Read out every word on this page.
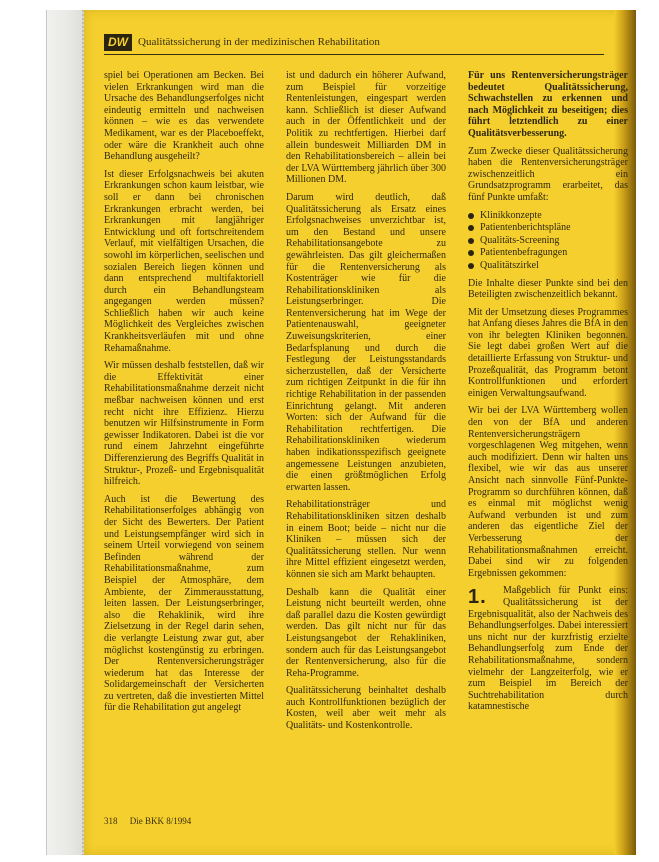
DW Qualitätssicherung in der medizinischen Rehabilitation

spiel bei Operationen am Becken. Bei vielen Erkrankungen wird man die Ursache des Behandlungserfolges nicht eindeutig ermitteln und nachweisen können – wie es das verwendete Medikament, war es der Placeboeffekt, oder wäre die Krankheit auch ohne Behandlung ausgeheilt?

Ist dieser Erfolgsnachweis bei akuten Erkrankungen schon kaum leistbar, wie soll er dann bei chronischen Erkrankungen erbracht werden, bei Erkrankungen mit langjähriger Entwicklung und oft fortschreitendem Verlauf, mit vielfältigen Ursachen, die sowohl im körperlichen, seelischen und sozialen Bereich liegen können und dann entsprechend multifaktoriell durch ein Behandlungsteam angegangen werden müssen? Schließlich haben wir auch keine Möglichkeit des Vergleiches zwischen Krankheitsverläufen mit und ohne Rehamaßnahme.

Wir müssen deshalb feststellen, daß wir die Effektivität einer Rehabilitationsmaßnahme derzeit nicht meßbar nachweisen können und erst recht nicht ihre Effizienz. Hierzu benutzen wir Hilfsinstrumente in Form gewisser Indikatoren. Dabei ist die vor rund einem Jahrzehnt eingeführte Differenzierung des Begriffs Qualität in Struktur-, Prozeß- und Ergebnisqualität hilfreich.

Auch ist die Bewertung des Rehabilitationserfolges abhängig von der Sicht des Bewerters. Der Patient und Leistungsempfänger wird sich in seinem Urteil vorwiegend von seinem Befinden während der Rehabilitationsmaßnahme, zum Beispiel der Atmosphäre, dem Ambiente, der Zimmerausstattung, leiten lassen. Der Leistungserbringer, also die Rehaklinik, wird ihre Zielsetzung in der Regel darin sehen, die verlangte Leistung zwar gut, aber möglichst kostengünstig zu erbringen. Der Rentenversicherungsträger wiederum hat das Interesse der Solidargemeinschaft der Versicherten zu vertreten, daß die investierten Mittel für die Rehabilitation gut angelegt

ist und dadurch ein höherer Aufwand, zum Beispiel für vorzeitige Rentenleistungen, eingespart werden kann. Schließlich ist dieser Aufwand auch in der Öffentlichkeit und der Politik zu rechtfertigen. Hierbei darf allein bundesweit Milliarden DM in den Rehabilitationsbereich – allein bei der LVA Württemberg jährlich über 300 Millionen DM.

Darum wird deutlich, daß Qualitätssicherung als Ersatz eines Erfolgsnachweises unverzichtbar ist, um den Bestand und unsere Rehabilitationsangebote zu gewährleisten. Das gilt gleichermaßen für die Rentenversicherung als Kostenträger wie für die Rehabilitationskliniken als Leistungserbringer. Die Rentenversicherung hat im Wege der Patientenauswahl, geeigneter Zuweisungskriterien, einer Bedarfsplanung und durch die Festlegung der Leistungsstandards sicherzustellen, daß der Versicherte zum richtigen Zeitpunkt in die für ihn richtige Rehabilitation in der passenden Einrichtung gelangt. Mit anderen Worten: sich der Aufwand für die Rehabilitation rechtfertigen. Die Rehabilitationskliniken wiederum haben indikationsspezifisch geeignete angemessene Leistungen anzubieten, die einen größtmöglichen Erfolg erwarten lassen.

Rehabilitationsträger und Rehabilitationskliniken sitzen deshalb in einem Boot; beide – nicht nur die Kliniken – müssen sich der Qualitätssicherung stellen. Nur wenn ihre Mittel effizient eingesetzt werden, können sie sich am Markt behaupten.

Deshalb kann die Qualität einer Leistung nicht beurteilt werden, ohne daß parallel dazu die Kosten gewürdigt werden. Das gilt nicht nur für das Leistungsangebot der Rehakliniken, sondern auch für das Leistungsangebot der Rentenversicherung, also für die Reha-Programme.

Qualitätssicherung beinhaltet deshalb auch Kontrollfunktionen bezüglich der Kosten, weil aber weit mehr als Qualitäts- und Kostenkontrolle.

Für uns Rentenversicherungsträger bedeutet Qualitätssicherung, Schwachstellen zu erkennen und nach Möglichkeit zu beseitigen; dies führt letztendlich zu einer Qualitätsverbesserung.

Zum Zwecke dieser Qualitätssicherung haben die Rentenversicherungsträger zwischenzeitlich ein Grundsatzprogramm erarbeitet, das fünf Punkte umfaßt:

Klinikkonzepte
Patientenberichtspläne
Qualitäts-Screening
Patientenbefragungen
Qualitätszirkel

Die Inhalte dieser Punkte sind bei den Beteiligten zwischenzeitlich bekannt.

Mit der Umsetzung dieses Programmes hat Anfang dieses Jahres die BfA in den von ihr belegten Kliniken begonnen. Sie legt dabei großen Wert auf die detaillierte Erfassung von Struktur- und Prozeßqualität, das Programm betont Kontrollfunktionen und erfordert einigen Verwaltungsaufwand.

Wir bei der LVA Württemberg wollen den von der BfA und anderen Rentenversicherungsträgern vorgeschlagenen Weg mitgehen, wenn auch modifiziert. Denn wir halten uns flexibel, wie wir das aus unserer Ansicht nach sinnvolle Fünf-Punkte-Programm so durchführen können, daß es einmal mit möglichst wenig Aufwand verbunden ist und zum anderen das eigentliche Ziel der Verbesserung der Rehabilitationsmaßnahmen erreicht. Dabei sind wir zu folgenden Ergebnissen gekommen:

1.	Maßgeblich für Punkt eins: Qualitätssicherung ist der Ergebnisqualität, also der Nachweis des Behandlungserfolges. Dabei interessiert uns nicht nur der kurzfristig erzielte Behandlungserfolg zum Ende der Rehabilitationsmaßnahme, sondern vielmehr der Langzeiterfolg, wie er zum Beispiel im Bereich der Suchtrehabilitation durch katamnestische

318 Die BKK 8/1994
